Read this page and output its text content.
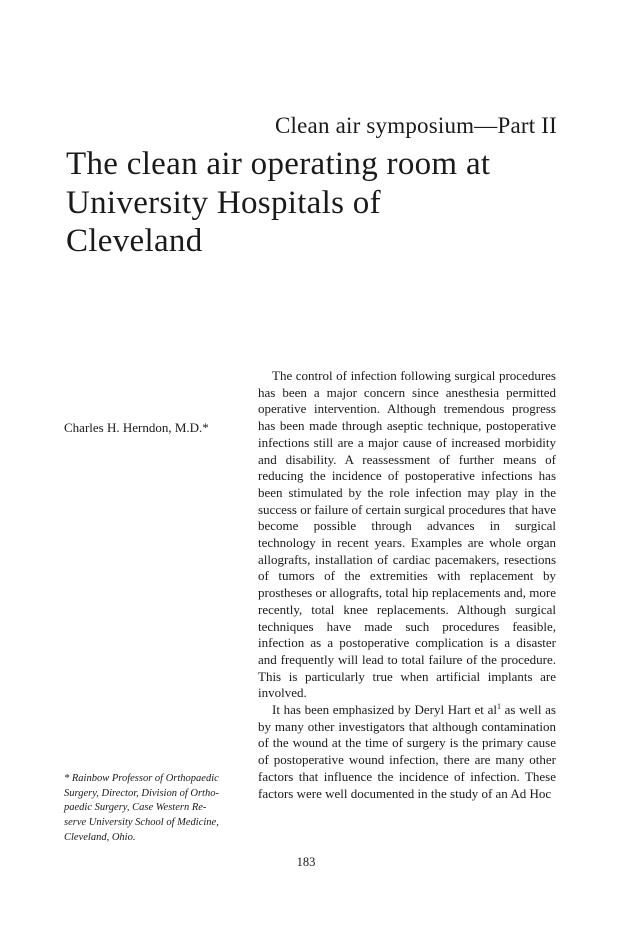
Clean air symposium—Part II
The clean air operating room at
University Hospitals of
Cleveland
Charles H. Herndon, M.D.*

The control of infection following surgical procedures has been a major concern since anesthesia permitted operative intervention. Although tremendous progress has been made through aseptic technique, postoperative infections still are a major cause of increased morbidity and disability. A reassessment of further means of reducing the incidence of postoperative infections has been stimulated by the role infection may play in the success or failure of certain surgical procedures that have become possible through advances in surgical technology in recent years. Examples are whole organ allografts, installation of cardiac pacemakers, resections of tumors of the extremities with replacement by prostheses or allografts, total hip replacements and, more recently, total knee replacements. Although surgical techniques have made such procedures feasible, infection as a postoperative complication is a disaster and frequently will lead to total failure of the procedure. This is particularly true when artificial implants are involved.

It has been emphasized by Deryl Hart et $al^1$ as well as by many other investigators that although contamination of the wound at the time of surgery is the primary cause of postoperative wound infection, there are many other factors that influence the incidence of infection. These factors were well documented in the study of an Ad Hoc

* Rainbow Professor of Orthopaedic
Surgery, Director, Division of Ortho-
paedic Surgery, Case Western Re-
serve University School of Medicine,
Cleveland, Ohio.
183
